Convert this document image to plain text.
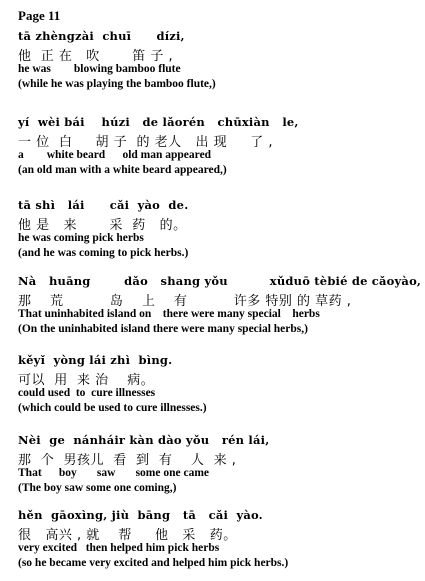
Page 11
tā zhèngzài  chuī      dízi,
他  正 在   吹       笛 子 ,
he was        blowing bamboo flute
(while he was playing the bamboo flute,)
yí  wèi bái    húzi   de lǎorén   chūxiàn   le,
一 位  白     胡 子  的 老人   出 现     了 ,
a        white beard      old man appeared
(an old man with a white beard appeared,)
tā shì   lái      cǎi  yào  de.
他 是   来       采  药   的。
he was coming pick herbs
(and he was coming to pick herbs.)
Nà   huāng        dǎo   shang yǒu          xǔduō tèbié de cǎoyào,
那    荒          岛    上    有          许多 特别 的 草药 ,
That uninhabited island on    there were many special    herbs
(On the uninhabited island there were many special herbs,)
kěyǐ  yòng lái zhì  bìng.
可以  用  来 治    病。
could used  to  cure illnesses
(which could be used to cure illnesses.)
Nèi  ge  nánháir kàn dào yǒu   rén lái,
那  个  男孩儿  看  到  有    人  来 ,
That      boy       saw       some one came
(The boy saw some one coming,)
hěn  gāoxìng, jiù  bāng   tā   cǎi  yào.
很   高兴 , 就    帮     他   采   药。
very excited   then helped him pick herbs
(so he became very excited and helped him pick herbs.)
